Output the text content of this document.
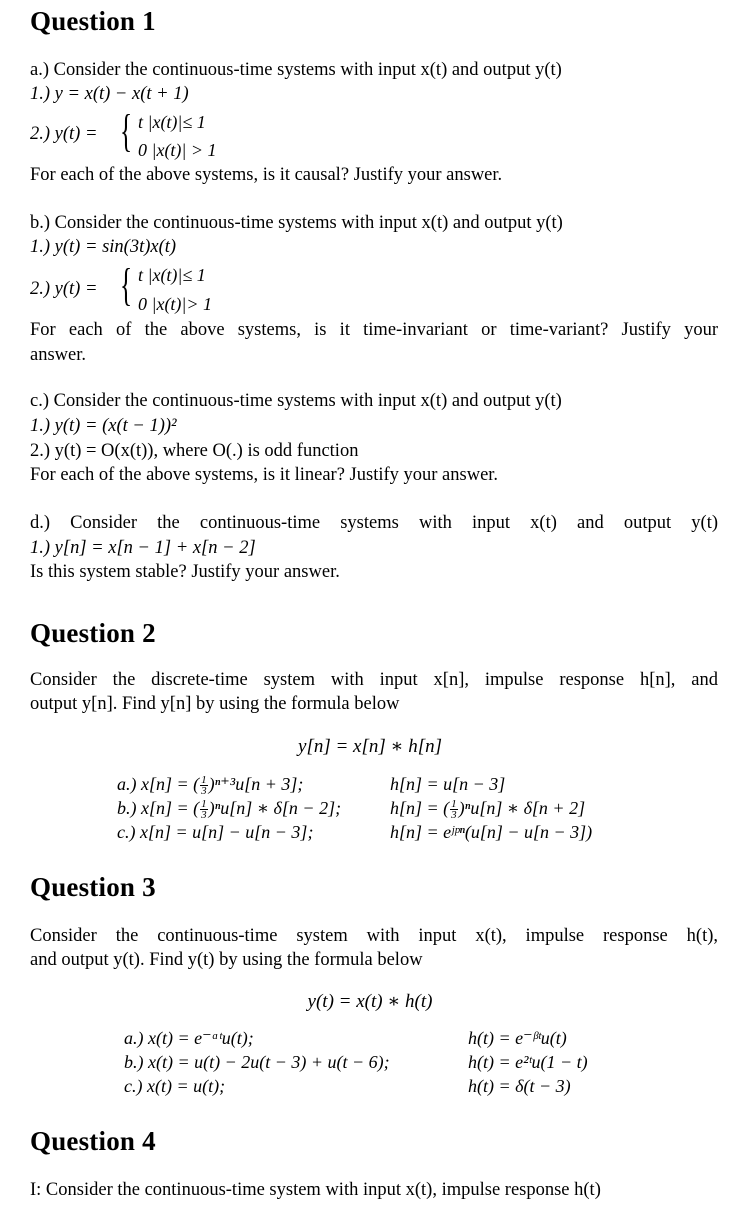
Question 1
a.) Consider the continuous-time systems with input x(t) and output y(t)
1.) y = x(t) − x(t + 1)
2.) y(t) = { t |x(t)|≤ 1
0 |x(t)| > 1
For each of the above systems, is it causal? Justify your answer.
b.) Consider the continuous-time systems with input x(t) and output y(t)
1.) y(t) = sin(3t)x(t)
2.) y(t) = { t |x(t)|≤ 1
0 |x(t)|> 1
For each of the above systems, is it time-invariant or time-variant? Justify your
answer.
c.) Consider the continuous-time systems with input x(t) and output y(t)
1.) y(t) = (x(t − 1))²
2.) y(t) = O(x(t)), where O(.) is odd function
For each of the above systems, is it linear? Justify your answer.
d.) Consider the continuous-time systems with input x(t) and output y(t)
1.) y[n] = x[n − 1] + x[n − 2]
Is this system stable? Justify your answer.
Question 2
Consider the discrete-time system with input x[n], impulse response h[n], and
output y[n]. Find y[n] by using the formula below
y[n] = x[n] ∗ h[n]
a.) x[n] = ( $\frac{1}{3} )^{n+3}u[n + 3]$;
b.) x[n] = ( $\frac{1}{3} )^nu[n]$ ∗ δ[n − 2];
c.) x[n] = u[n] − u[n − 3];
h[n] = u[n − 3]
h[n] = ( $\frac{1}{3} )^nu[n]$ ∗ δ[n + 2]
h[n] = eʲᵖⁿ(u[n] − u[n − 3])
Question 3
Consider the continuous-time system with input x(t), impulse response h(t),
and output y(t). Find y(t) by using the formula below
y(t) = x(t) ∗ h(t)
a.) x(t) = e⁻ᵅᵗu(t);
b.) x(t) = u(t) − 2u(t − 3) + u(t − 6);
c.) x(t) = u(t);
h(t) = e⁻ᵝᵗu(t)
h(t) = e²ᵗu(1 − t)
h(t) = δ(t − 3)
Question 4
I: Consider the continuous-time system with input x(t), impulse response h(t)
